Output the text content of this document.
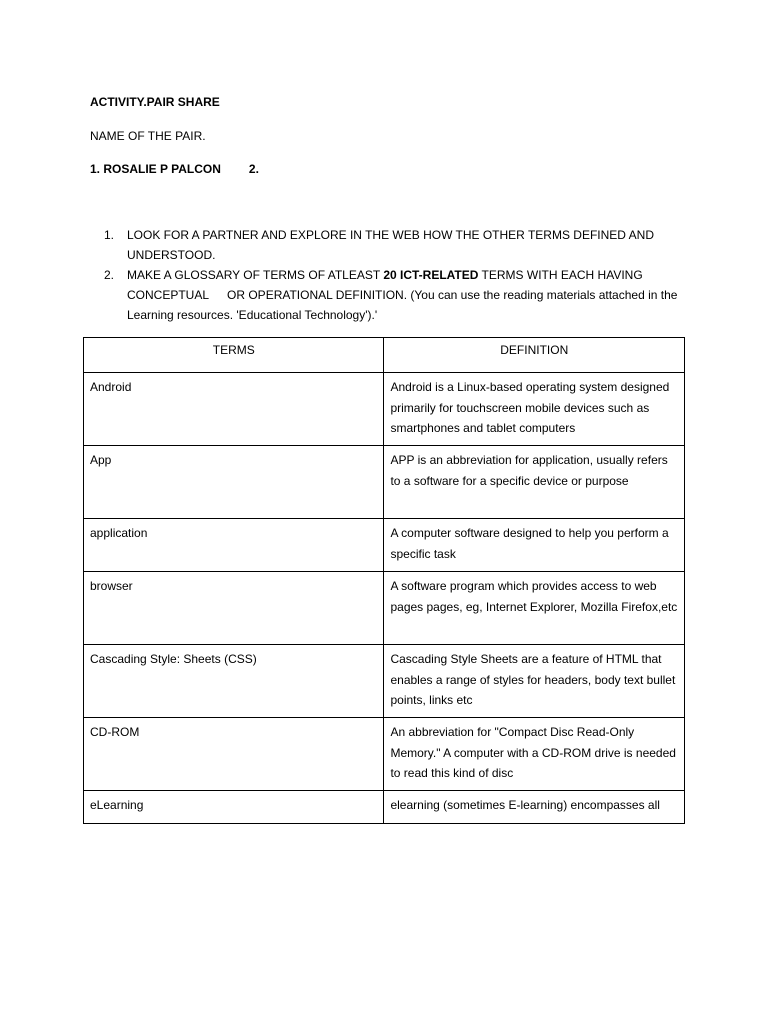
ACTIVITY.PAIR SHARE
NAME OF THE PAIR.
1. ROSALIE P PALCON 2.
1. LOOK FOR A PARTNER AND EXPLORE IN THE WEB HOW THE OTHER TERMS DEFINED AND UNDERSTOOD.
2. MAKE A GLOSSARY OF TERMS OF ATLEAST 20 ICT-RELATED TERMS WITH EACH HAVING CONCEPTUAL OR OPERATIONAL DEFINITION. (You can use the reading materials attached in the Learning resources. 'Educational Technology').'
TERMS	DEFINITION
Android	Android is a Linux-based operating system designed primarily for touchscreen mobile devices such as smartphones and tablet computers
App	APP is an abbreviation for application, usually refers to a software for a specific device or purpose
application	A computer software designed to help you perform a specific task
browser	A software program which provides access to web pages pages, eg, Internet Explorer, Mozilla Firefox,etc
Cascading Style: Sheets (CSS)	Cascading Style Sheets are a feature of HTML that enables a range of styles for headers, body text bullet points, links etc
CD-ROM	An abbreviation for "Compact Disc Read-Only Memory." A computer with a CD-ROM drive is needed to read this kind of disc
eLearning	elearning (sometimes E-learning) encompasses all
